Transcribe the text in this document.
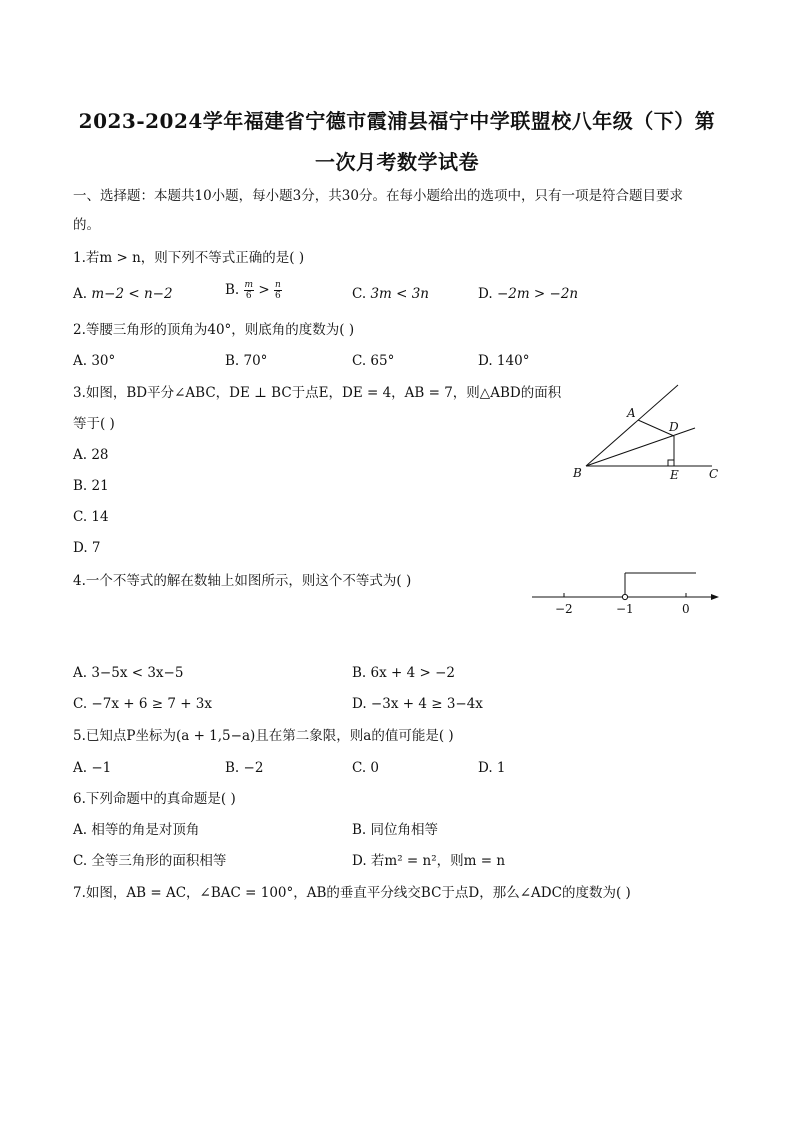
2023-2024学年福建省宁德市霞浦县福宁中学联盟校八年级（下）第
一次月考数学试卷
一、选择题：本题共10小题，每小题3分，共30分。在每小题给出的选项中，只有一项是符合题目要求
的。
1.若m > n，则下列不等式正确的是( )
A. m−2 < n−2	B. $\frac{m}{6} > \frac{n}{6}$	C. 3m < 3n	D. −2m > −2n
2.等腰三角形的顶角为40°，则底角的度数为( )
A. 30°	B. 70°	C. 65°	D. 140°
3.如图，BD平分∠ABC，DE ⊥ BC于点E，DE = 4，AB = 7，则△ABD的面积
等于( )
A. 28
B. 21
C. 14
D. 7
A
D
B	E	C
4.一个不等式的解在数轴上如图所示，则这个不等式为( )
−2	−1	0
A. 3−5x < 3x−5	B. 6x + 4 > −2
C. −7x + 6 ≥ 7 + 3x	D. −3x + 4 ≥ 3−4x
5.已知点P坐标为(a + 1,5−a)且在第二象限，则a的值可能是( )
A. −1	B. −2	C. 0	D. 1
6.下列命题中的真命题是( )
A. 相等的角是对顶角	B. 同位角相等
C. 全等三角形的面积相等	D. 若m² = n²，则m = n
7.如图，AB = AC，∠BAC = 100°，AB的垂直平分线交BC于点D，那么∠ADC的度数为( )
